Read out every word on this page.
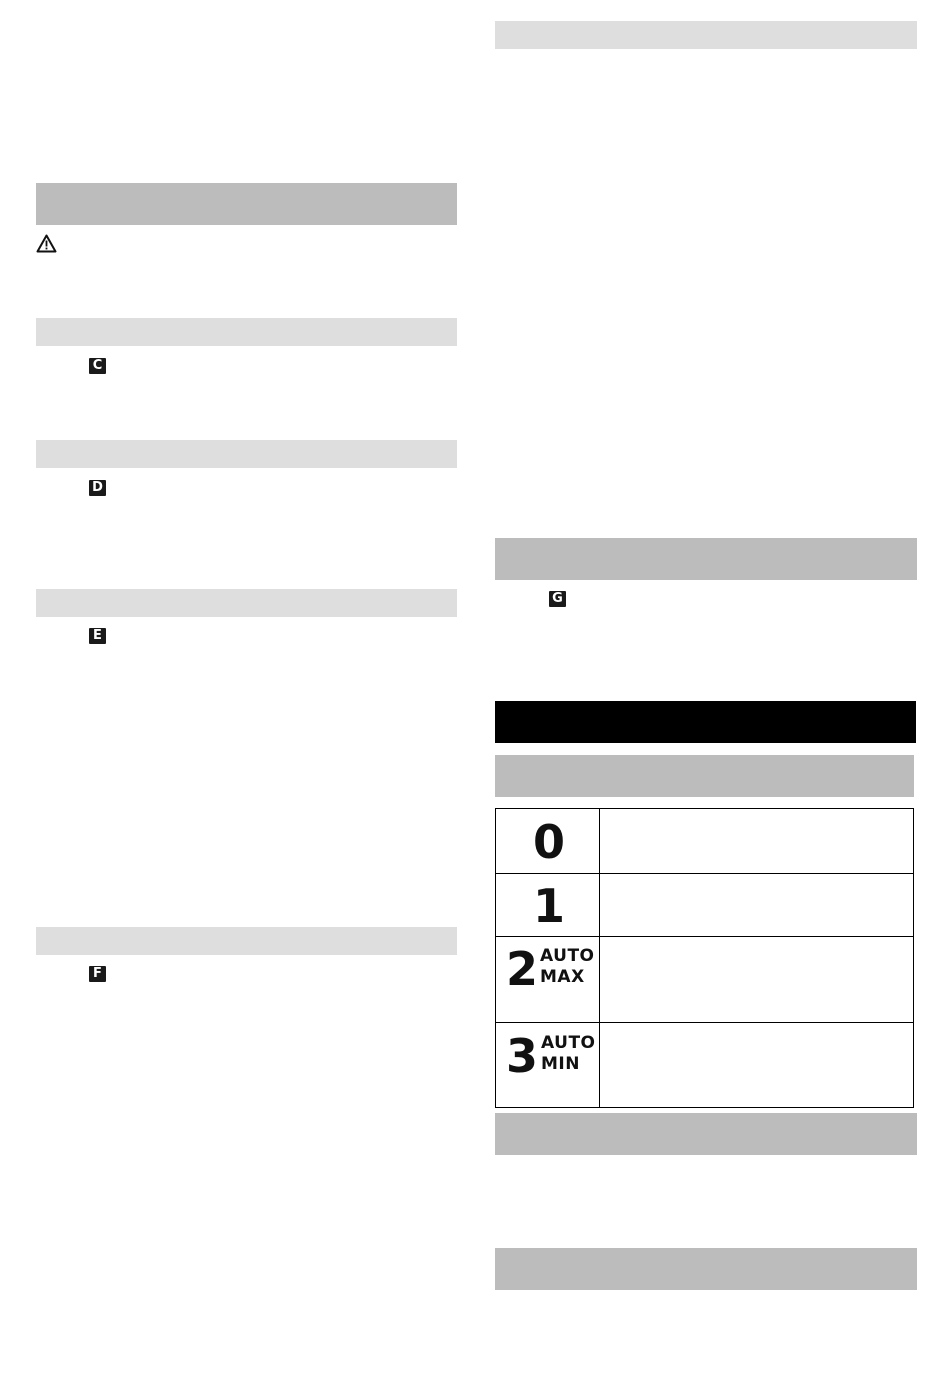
C
D
E
F
G
0
1
2 AUTO
MAX
3 AUTO
MIN
